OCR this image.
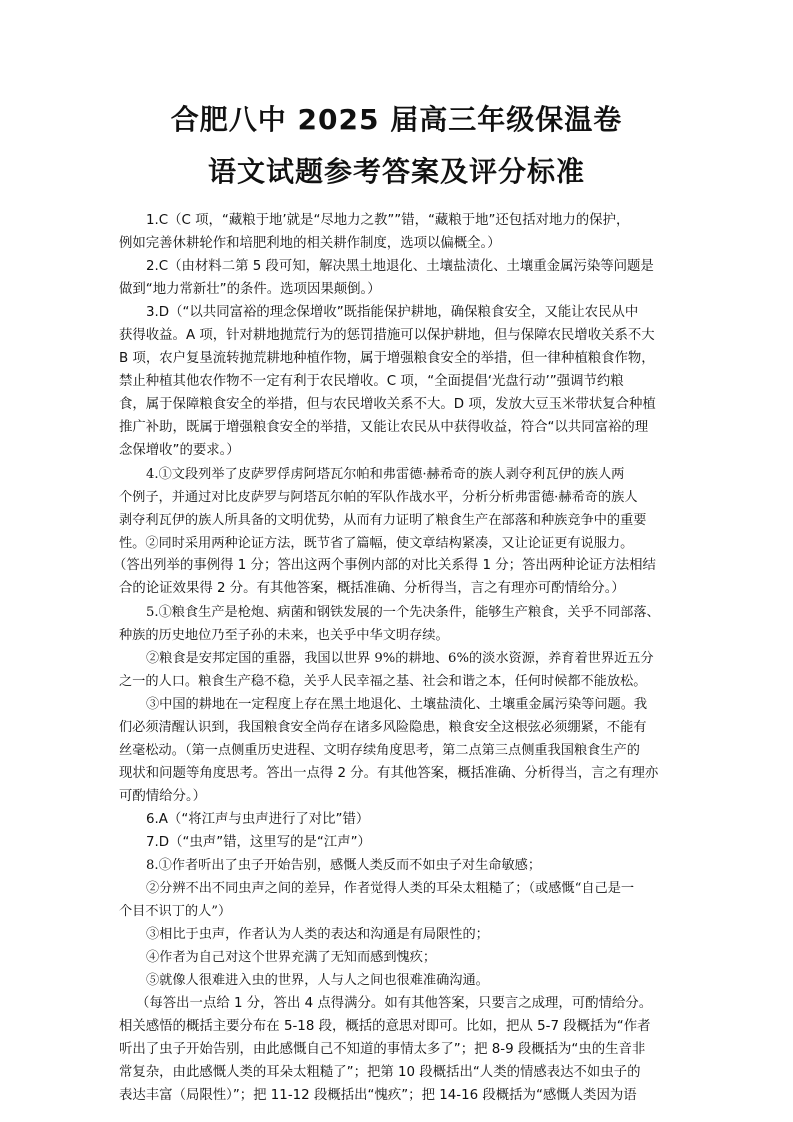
合肥八中 2025 届高三年级保温卷
语文试题参考答案及评分标准
1.C（C 项，“藏粮于地’就是“尽地力之教””错，“藏粮于地”还包括对地力的保护，
例如完善休耕轮作和培肥利地的相关耕作制度，选项以偏概全。）
2.C（由材料二第 5 段可知，解决黑土地退化、土壤盐渍化、土壤重金属污染等问题是
做到“地力常新壮”的条件。选项因果颠倒。）
3.D（“以共同富裕的理念保增收”既指能保护耕地，确保粮食安全，又能让农民从中
获得收益。A 项，针对耕地抛荒行为的惩罚措施可以保护耕地，但与保障农民增收关系不大
B 项，农户复垦流转抛荒耕地种植作物，属于增强粮食安全的举措，但一律种植粮食作物，
禁止种植其他农作物不一定有利于农民增收。C 项，“全面提倡‘光盘行动’”强调节约粮
食，属于保障粮食安全的举措，但与农民增收关系不大。D 项，发放大豆玉米带状复合种植
推广补助，既属于增强粮食安全的举措，又能让农民从中获得收益，符合“以共同富裕的理
念保增收”的要求。）
4.①文段列举了皮萨罗俘虏阿塔瓦尔帕和弗雷德·赫希奇的族人剥夺利瓦伊的族人两
个例子，并通过对比皮萨罗与阿塔瓦尔帕的军队作战水平，分析分析弗雷德·赫希奇的族人
剥夺利瓦伊的族人所具备的文明优势，从而有力证明了粮食生产在部落和种族竞争中的重要
性。②同时采用两种论证方法，既节省了篇幅，使文章结构紧凑，又让论证更有说服力。
（答出列举的事例得 1 分；答出这两个事例内部的对比关系得 1 分；答出两种论证方法相结
合的论证效果得 2 分。有其他答案，概括准确、分析得当，言之有理亦可酌情给分。）
5.①粮食生产是枪炮、病菌和钢铁发展的一个先决条件，能够生产粮食，关乎不同部落、
种族的历史地位乃至子孙的未来，也关乎中华文明存续。
②粮食是安邦定国的重器，我国以世界 9%的耕地、6%的淡水资源，养育着世界近五分
之一的人口。粮食生产稳不稳，关乎人民幸福之基、社会和谐之本，任何时候都不能放松。
③中国的耕地在一定程度上存在黑土地退化、土壤盐渍化、土壤重金属污染等问题。我
们必须清醒认识到，我国粮食安全尚存在诸多风险隐患，粮食安全这根弦必须绷紧，不能有
丝毫松动。（第一点侧重历史进程、文明存续角度思考，第二点第三点侧重我国粮食生产的
现状和问题等角度思考。答出一点得 2 分。有其他答案，概括准确、分析得当，言之有理亦
可酌情给分。）
6.A（“将江声与虫声进行了对比”错）
7.D（“虫声”错，这里写的是“江声”）
8.①作者听出了虫子开始告别，感慨人类反而不如虫子对生命敏感；
②分辨不出不同虫声之间的差异，作者觉得人类的耳朵太粗糙了；（或感慨“自己是一
个目不识丁的人”）
③相比于虫声，作者认为人类的表达和沟通是有局限性的；
④作者为自己对这个世界充满了无知而感到愧疚；
⑤就像人很难进入虫的世界，人与人之间也很难准确沟通。
（每答出一点给 1 分，答出 4 点得满分。如有其他答案，只要言之成理，可酌情给分。
相关感悟的概括主要分布在 5-18 段，概括的意思对即可。比如，把从 5-7 段概括为“作者
听出了虫子开始告别，由此感慨自己不知道的事情太多了”；把 8-9 段概括为“虫的生音非
常复杂，由此感慨人类的耳朵太粗糙了”；把第 10 段概括出“人类的情感表达不如虫子的
表达丰富（局限性）”；把 11-12 段概括出“愧疚”；把 14-16 段概括为“感慨人类因为语
